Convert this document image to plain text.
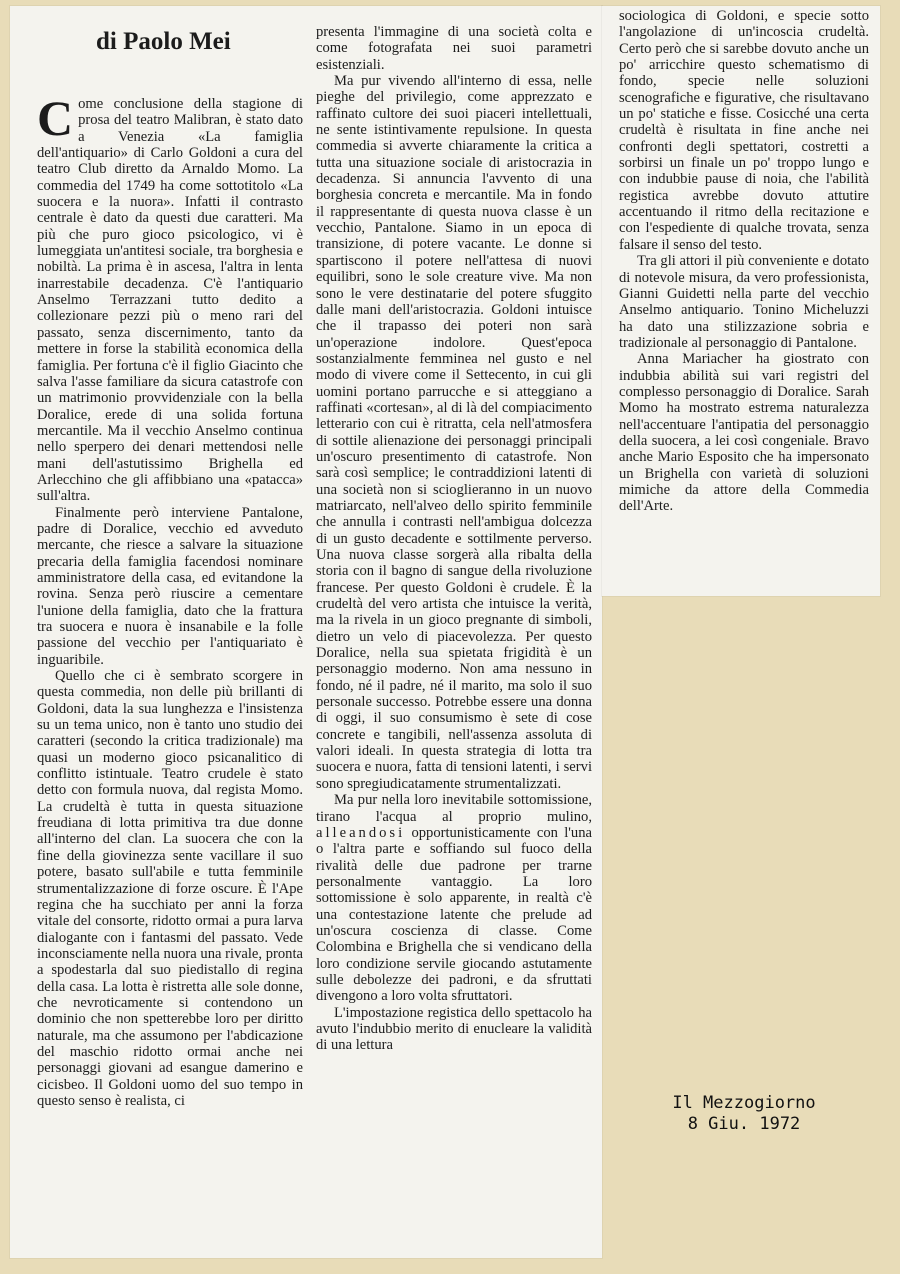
di Paolo Mei

Come conclusione della stagione di prosa del teatro Malibran, è stato dato a Venezia «La famiglia dell'antiquario» di Carlo Goldoni a cura del teatro Club diretto da Arnaldo Momo. La commedia del 1749 ha come sottotitolo «La suocera e la nuora». Infatti il contrasto centrale è dato da questi due caratteri. Ma più che puro gioco psicologico, vi è lumeggiata un'antitesi sociale, tra borghesia e nobiltà. La prima è in ascesa, l'altra in lenta inarrestabile decadenza. C'è l'antiquario Anselmo Terrazzani tutto dedito a collezionare pezzi più o meno rari del passato, senza discernimento, tanto da mettere in forse la stabilità economica della famiglia. Per fortuna c'è il figlio Giacinto che salva l'asse familiare da sicura catastrofe con un matrimonio provvidenziale con la bella Doralice, erede di una solida fortuna mercantile. Ma il vecchio Anselmo continua nello sperpero dei denari mettendosi nelle mani dell'astutissimo Brighella ed Arlecchino che gli affibbiano una «patacca» sull'altra.

Finalmente però interviene Pantalone, padre di Doralice, vecchio ed avveduto mercante, che riesce a salvare la situazione precaria della famiglia facendosi nominare amministratore della casa, ed evitandone la rovina. Senza però riuscire a cementare l'unione della famiglia, dato che la frattura tra suocera e nuora è insanabile e la folle passione del vecchio per l'antiquariato è inguaribile.

Quello che ci è sembrato scorgere in questa commedia, non delle più brillanti di Goldoni, data la sua lunghezza e l'insistenza su un tema unico, non è tanto uno studio dei caratteri (secondo la critica tradizionale) ma quasi un moderno gioco psicanalitico di conflitto istintuale. Teatro crudele è stato detto con formula nuova, dal regista Momo. La crudeltà è tutta in questa situazione freudiana di lotta primitiva tra due donne all'interno del clan. La suocera che con la fine della giovinezza sente vacillare il suo potere, basato sull'abile e tutta femminile strumentalizzazione di forze oscure. È l'Ape regina che ha succhiato per anni la forza vitale del consorte, ridotto ormai a pura larva dialogante con i fantasmi del passato. Vede inconsciamente nella nuora una rivale, pronta a spodestarla dal suo piedistallo di regina della casa. La lotta è ristretta alle sole donne, che nevroticamente si contendono un dominio che non spetterebbe loro per diritto naturale, ma che assumono per l'abdicazione del maschio ridotto ormai anche nei personaggi giovani ad esangue damerino e cicisbeo. Il Goldoni uomo del suo tempo in questo senso è realista, ci

presenta l'immagine di una società colta e come fotografata nei suoi parametri esistenziali.

Ma pur vivendo all'interno di essa, nelle pieghe del privilegio, come apprezzato e raffinato cultore dei suoi piaceri intellettuali, ne sente istintivamente repulsione. In questa commedia si avverte chiaramente la critica a tutta una situazione sociale di aristocrazia in decadenza. Si annuncia l'avvento di una borghesia concreta e mercantile. Ma in fondo il rappresentante di questa nuova classe è un vecchio, Pantalone. Siamo in un epoca di transizione, di potere vacante. Le donne si spartiscono il potere nell'attesa di nuovi equilibri, sono le sole creature vive. Ma non sono le vere destinatarie del potere sfuggito dalle mani dell'aristocrazia. Goldoni intuisce che il trapasso dei poteri non sarà un'operazione indolore. Quest'epoca sostanzialmente femminea nel gusto e nel modo di vivere come il Settecento, in cui gli uomini portano parrucche e si atteggiano a raffinati «cortesan», al di là del compiacimento letterario con cui è ritratta, cela nell'atmosfera di sottile alienazione dei personaggi principali un'oscuro presentimento di catastrofe. Non sarà così semplice; le contraddizioni latenti di una società non si scioglieranno in un nuovo matriarcato, nell'alveo dello spirito femminile che annulla i contrasti nell'ambigua dolcezza di un gusto decadente e sottilmente perverso. Una nuova classe sorgerà alla ribalta della storia con il bagno di sangue della rivoluzione francese. Per questo Goldoni è crudele. È la crudeltà del vero artista che intuisce la verità, ma la rivela in un gioco pregnante di simboli, dietro un velo di piacevolezza. Per questo Doralice, nella sua spietata frigidità è un personaggio moderno. Non ama nessuno in fondo, né il padre, né il marito, ma solo il suo personale successo. Potrebbe essere una donna di oggi, il suo consumismo è sete di cose concrete e tangibili, nell'assenza assoluta di valori ideali. In questa strategia di lotta tra suocera e nuora, fatta di tensioni latenti, i servi sono spregiudicatamente strumentalizzati.

Ma pur nella loro inevitabile sottomissione, tirano l'acqua al proprio mulino, alleandosi opportunisticamente con l'una o l'altra parte e soffiando sul fuoco della rivalità delle due padrone per trarne personalmente vantaggio. La loro sottomissione è solo apparente, in realtà c'è una contestazione latente che prelude ad un'oscura coscienza di classe. Come Colombina e Brighella che si vendicano della loro condizione servile giocando astutamente sulle debolezze dei padroni, e da sfruttati divengono a loro volta sfruttatori.

L'impostazione registica dello spettacolo ha avuto l'indubbio merito di enucleare la validità di una lettura

sociologica di Goldoni, e specie sotto l'angolazione di un'incoscia crudeltà. Certo però che si sarebbe dovuto anche un po' arricchire questo schematismo di fondo, specie nelle soluzioni scenografiche e figurative, che risultavano un po' statiche e fisse. Cosicché una certa crudeltà è risultata in fine anche nei confronti degli spettatori, costretti a sorbirsi un finale un po' troppo lungo e con indubbie pause di noia, che l'abilità registica avrebbe dovuto attutire accentuando il ritmo della recitazione e con l'espediente di qualche trovata, senza falsare il senso del testo.

Tra gli attori il più conveniente e dotato di notevole misura, da vero professionista, Gianni Guidetti nella parte del vecchio Anselmo antiquario. Tonino Micheluzzi ha dato una stilizzazione sobria e tradizionale al personaggio di Pantalone.

Anna Mariacher ha giostrato con indubbia abilità sui vari registri del complesso personaggio di Doralice. Sarah Momo ha mostrato estrema naturalezza nell'accentuare l'antipatia del personaggio della suocera, a lei così congeniale. Bravo anche Mario Esposito che ha impersonato un Brighella con varietà di soluzioni mimiche da attore della Commedia dell'Arte.

Il Mezzogiorno
8 Giu. 1972
